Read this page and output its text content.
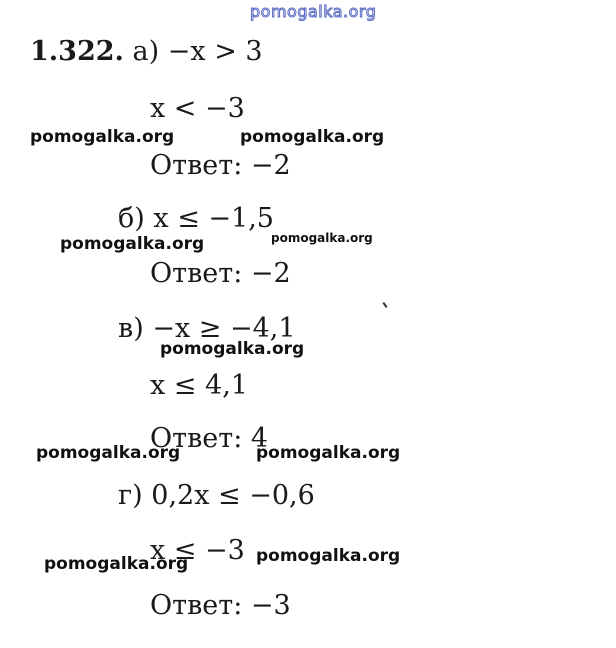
pomogalka.org
1.322. а) −x > 3
x < −3
pomogalka.org	pomogalka.org
Ответ: −2
б) x ≤ −1,5
pomogalka.org	pomogalka.org
Ответ: −2
в) −x ≥ −4,1
pomogalka.org
x ≤ 4,1
Ответ: 4
pomogalka.org	pomogalka.org
г) 0,2x ≤ −0,6
x ≤ −3 pomogalka.org
pomogalka.org
Ответ: −3
